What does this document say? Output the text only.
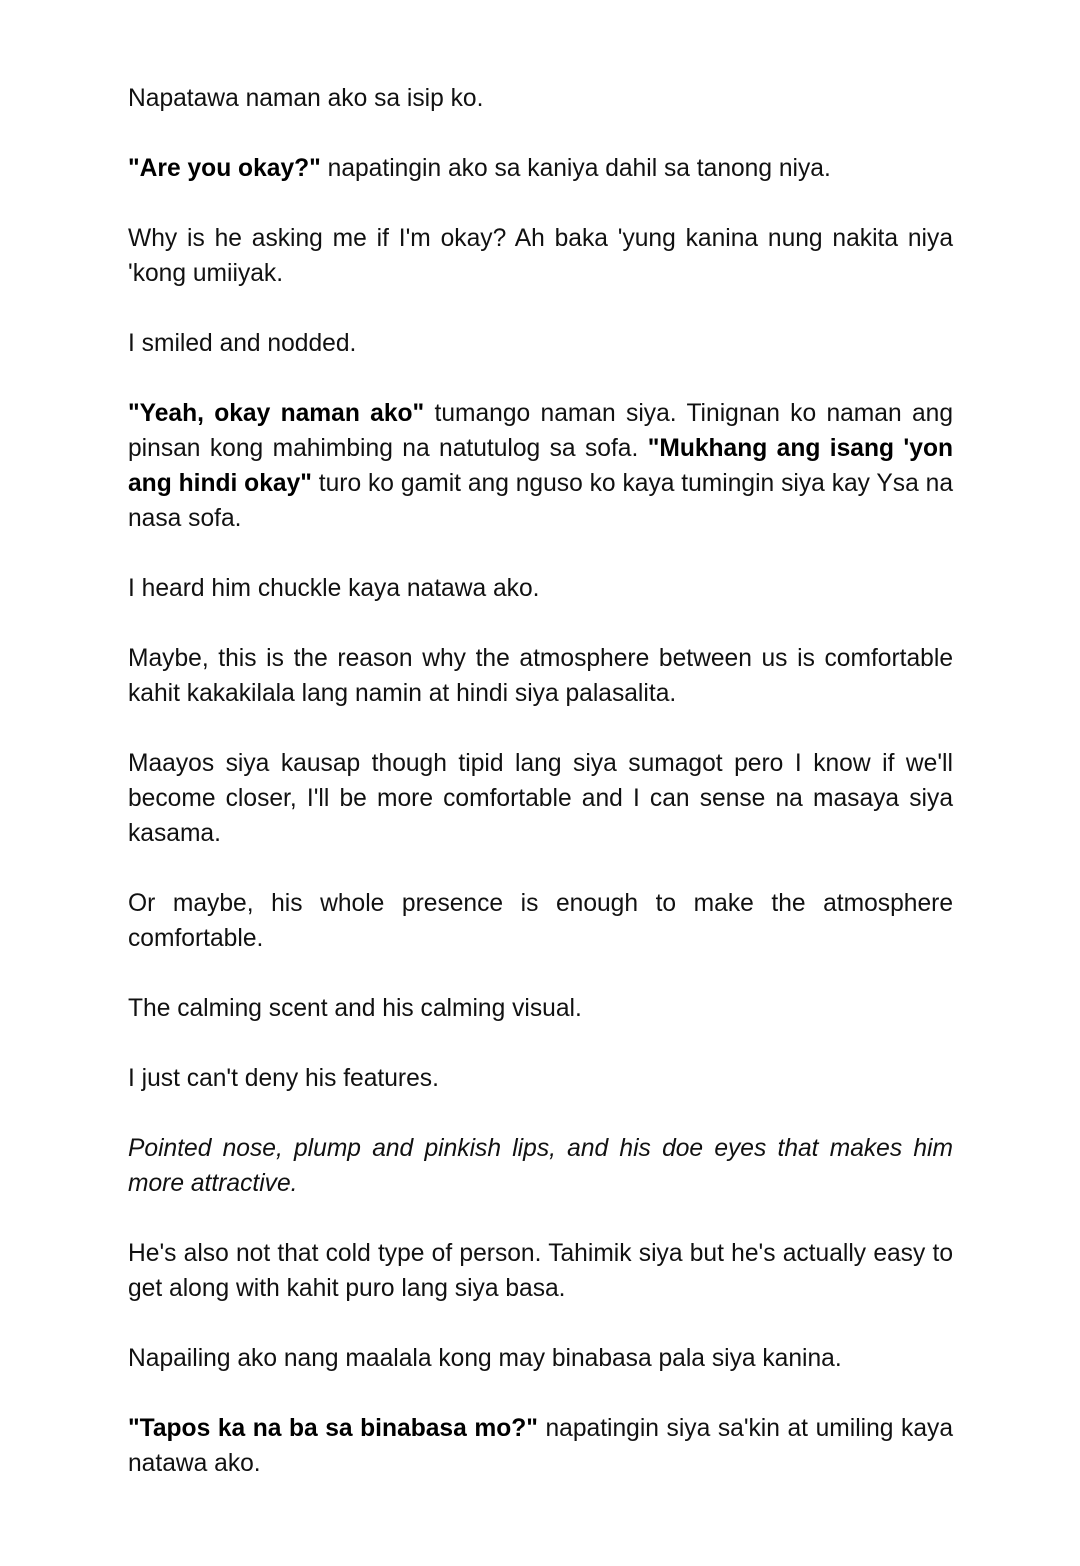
Napatawa naman ako sa isip ko.

"Are you okay?" napatingin ako sa kaniya dahil sa tanong niya.

Why is he asking me if I'm okay? Ah baka 'yung kanina nung nakita niya 'kong umiiyak.

I smiled and nodded.

"Yeah, okay naman ako" tumango naman siya. Tinignan ko naman ang pinsan kong mahimbing na natutulog sa sofa. "Mukhang ang isang 'yon ang hindi okay" turo ko gamit ang nguso ko kaya tumingin siya kay Ysa na nasa sofa.

I heard him chuckle kaya natawa ako.

Maybe, this is the reason why the atmosphere between us is comfortable kahit kakakilala lang namin at hindi siya palasalita.

Maayos siya kausap though tipid lang siya sumagot pero I know if we'll become closer, I'll be more comfortable and I can sense na masaya siya kasama.

Or maybe, his whole presence is enough to make the atmosphere comfortable.

The calming scent and his calming visual.

I just can't deny his features.

Pointed nose, plump and pinkish lips, and his doe eyes that makes him more attractive.

He's also not that cold type of person. Tahimik siya but he's actually easy to get along with kahit puro lang siya basa.

Napailing ako nang maalala kong may binabasa pala siya kanina.

"Tapos ka na ba sa binabasa mo?" napatingin siya sa'kin at umiling kaya natawa ako.
